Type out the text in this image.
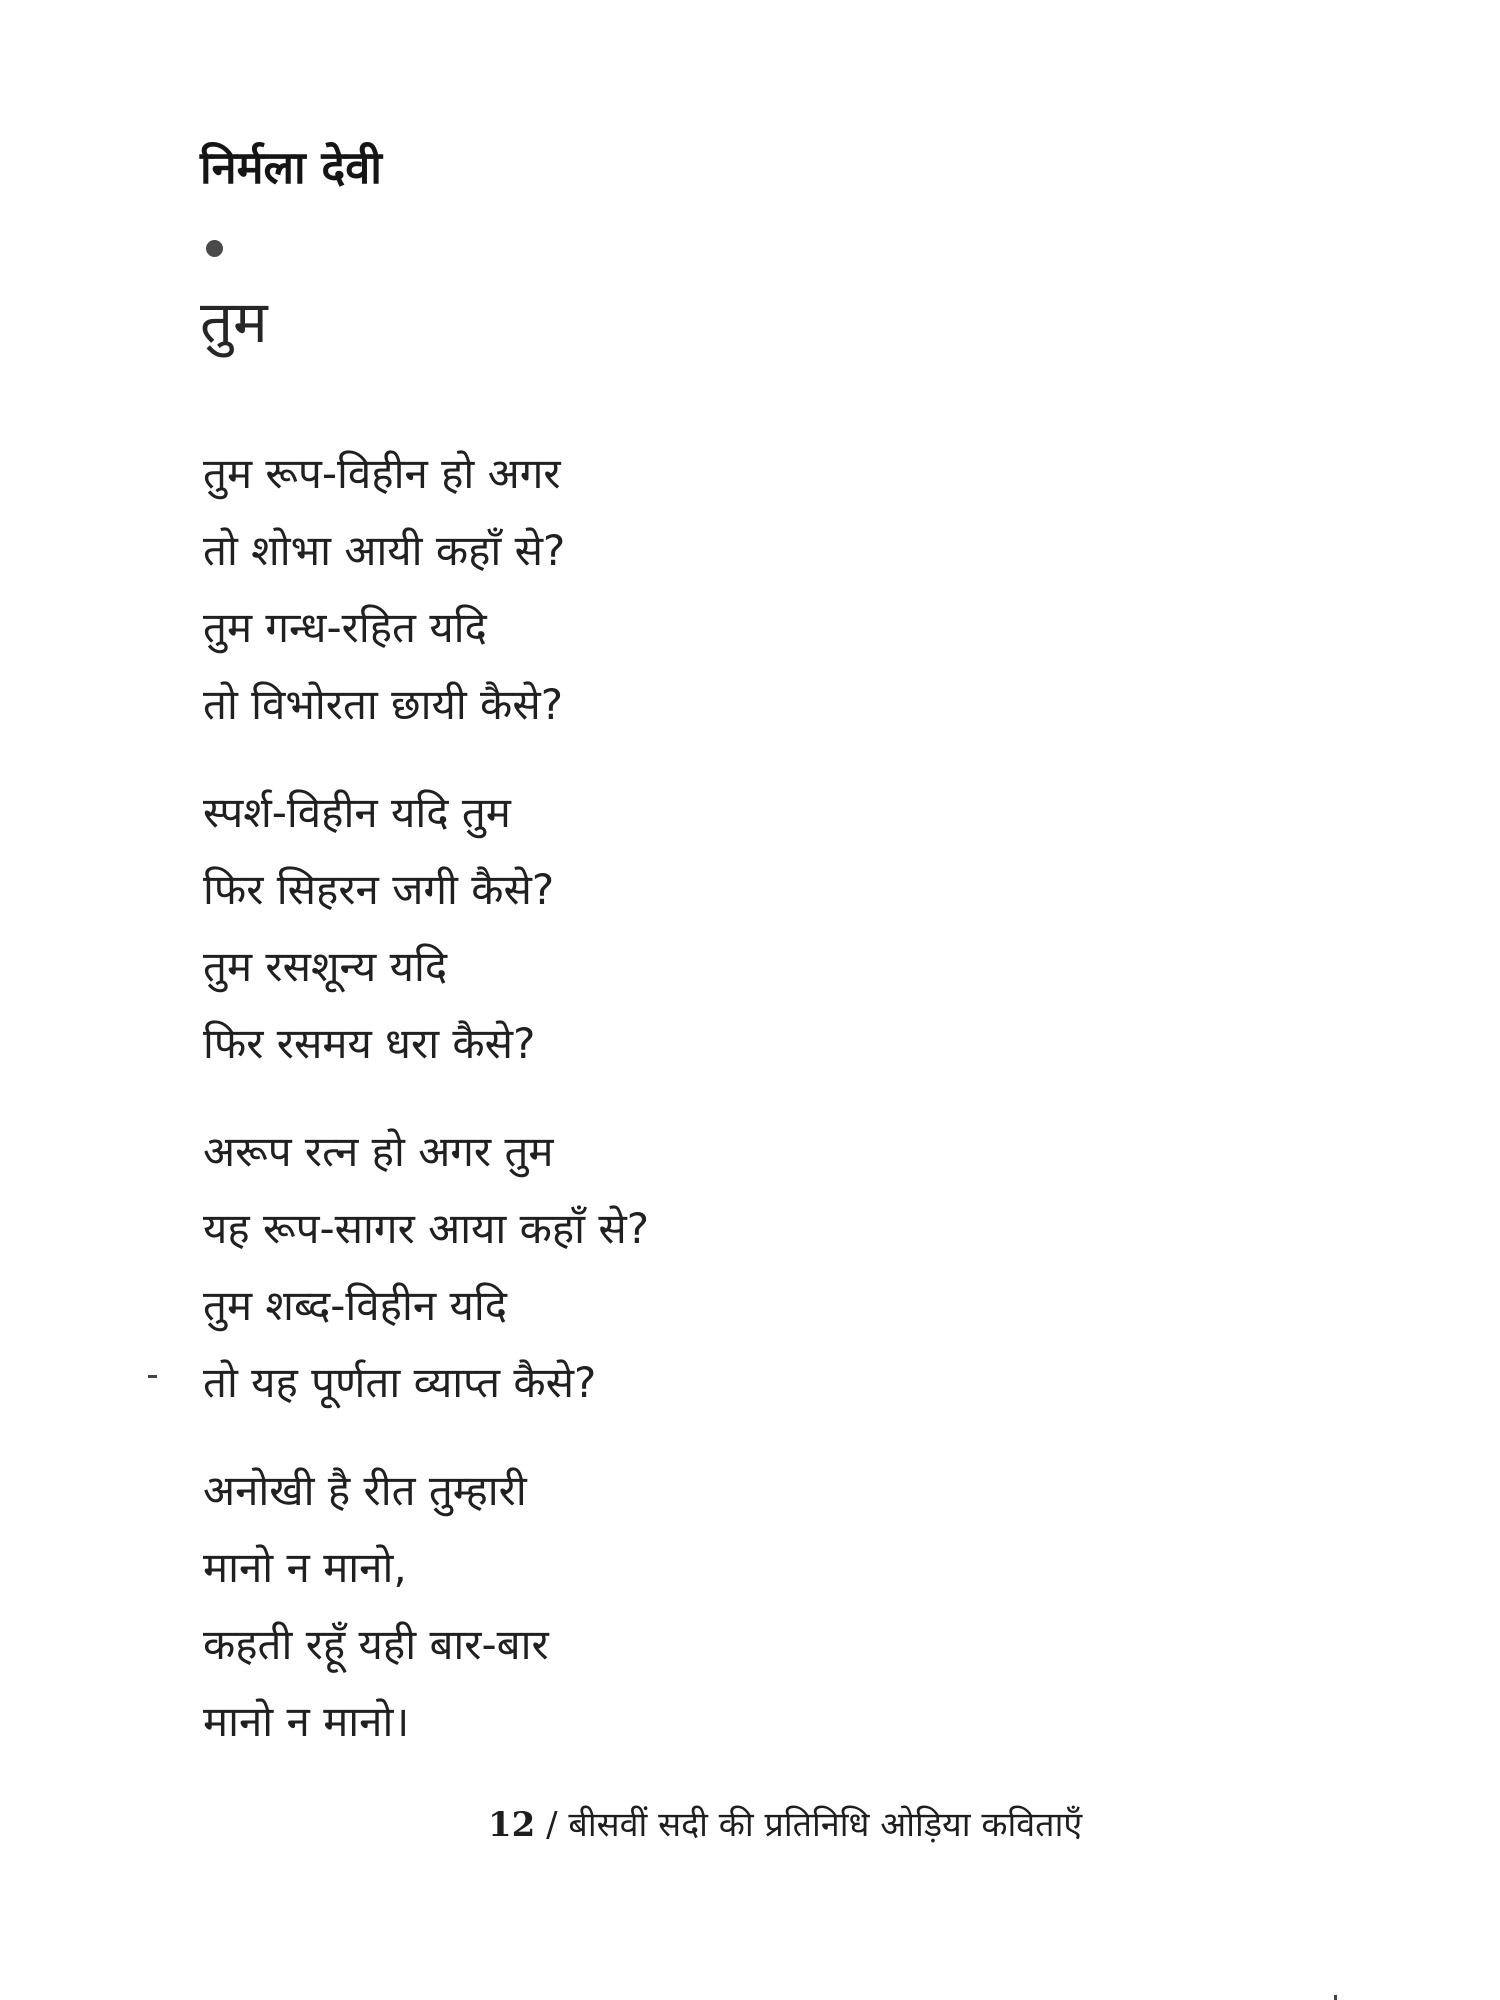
निर्मला देवी
तुम
तुम रूप-विहीन हो अगर
तो शोभा आयी कहाँ से?
तुम गन्ध-रहित यदि
तो विभोरता छायी कैसे?
स्पर्श-विहीन यदि तुम
फिर सिहरन जगी कैसे?
तुम रसशून्य यदि
फिर रसमय धरा कैसे?
अरूप रत्न हो अगर तुम
यह रूप-सागर आया कहाँ से?
तुम शब्द-विहीन यदि
तो यह पूर्णता व्याप्त कैसे?
अनोखी है रीत तुम्हारी
मानो न मानो,
कहती रहूँ यही बार-बार
मानो न मानो।
12 / बीसवीं सदी की प्रतिनिधि ओड़िया कविताएँ
